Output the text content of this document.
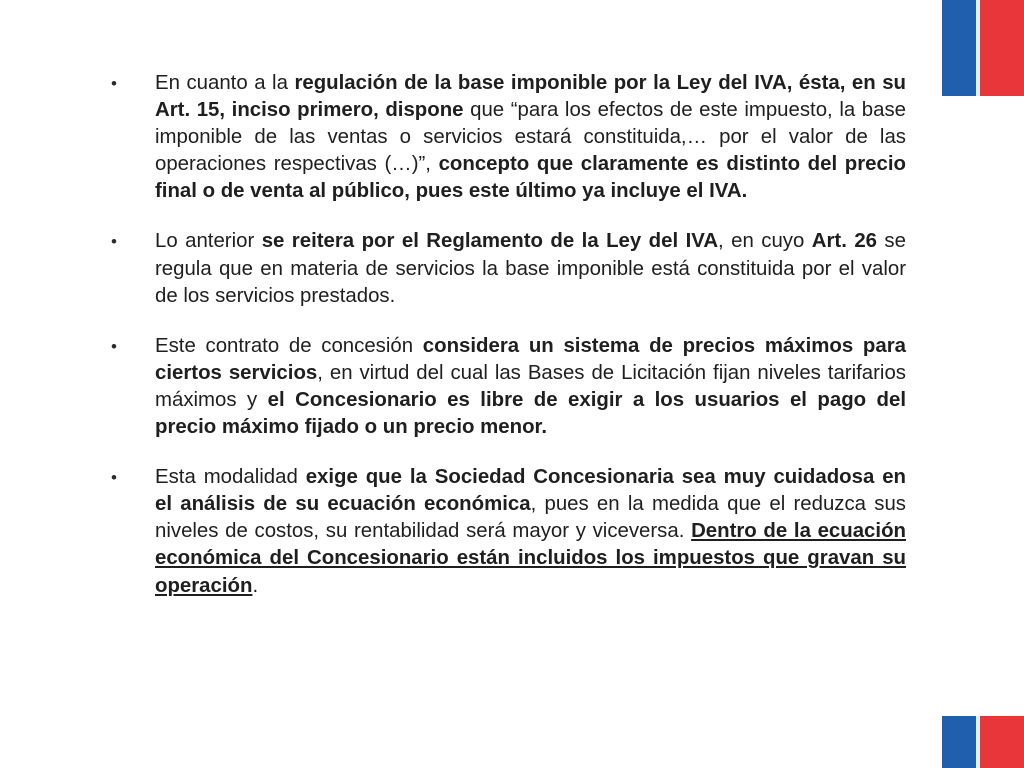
• En cuanto a la regulación de la base imponible por la Ley del IVA, ésta, en su Art. 15, inciso primero, dispone que “para los efectos de este impuesto, la base imponible de las ventas o servicios estará constituida,… por el valor de las operaciones respectivas (…)”, concepto que claramente es distinto del precio final o de venta al público, pues este último ya incluye el IVA.
• Lo anterior se reitera por el Reglamento de la Ley del IVA, en cuyo Art. 26 se regula que en materia de servicios la base imponible está constituida por el valor de los servicios prestados.
• Este contrato de concesión considera un sistema de precios máximos para ciertos servicios, en virtud del cual las Bases de Licitación fijan niveles tarifarios máximos y el Concesionario es libre de exigir a los usuarios el pago del precio máximo fijado o un precio menor.
• Esta modalidad exige que la Sociedad Concesionaria sea muy cuidadosa en el análisis de su ecuación económica, pues en la medida que el reduzca sus niveles de costos, su rentabilidad será mayor y viceversa. Dentro de la ecuación económica del Concesionario están incluidos los impuestos que gravan su operación.
